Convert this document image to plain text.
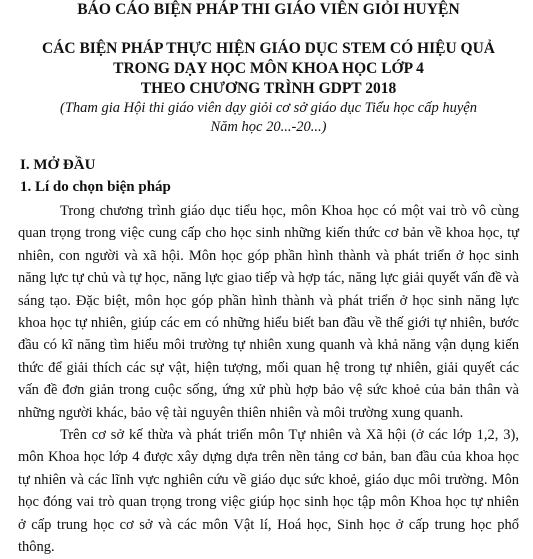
BÁO CÁO BIỆN PHÁP THI GIÁO VIÊN GIỎI HUYỆN
CÁC BIỆN PHÁP THỰC HIỆN GIÁO DỤC STEM CÓ HIỆU QUẢ
TRONG DẠY HỌC MÔN KHOA HỌC LỚP 4
THEO CHƯƠNG TRÌNH GDPT 2018
(Tham gia Hội thi giáo viên dạy giỏi cơ sở giáo dục Tiểu học cấp huyện
Năm học 20...-20...)
I. MỞ ĐẦU
1. Lí do chọn biện pháp

Trong chương trình giáo dục tiểu học, môn Khoa học có một vai trò vô cùng quan trọng trong việc cung cấp cho học sinh những kiến thức cơ bản về khoa học, tự nhiên, con người và xã hội. Môn học góp phần hình thành và phát triển ở học sinh năng lực tự chủ và tự học, năng lực giao tiếp và hợp tác, năng lực giải quyết vấn đề và sáng tạo. Đặc biệt, môn học góp phần hình thành và phát triển ở học sinh năng lực khoa học tự nhiên, giúp các em có những hiểu biết ban đầu về thế giới tự nhiên, bước đầu có kĩ năng tìm hiểu môi trường tự nhiên xung quanh và khả năng vận dụng kiến thức để giải thích các sự vật, hiện tượng, mối quan hệ trong tự nhiên, giải quyết các vấn đề đơn giản trong cuộc sống, ứng xử phù hợp bảo vệ sức khoẻ của bản thân và những người khác, bảo vệ tài nguyên thiên nhiên và môi trường xung quanh.

Trên cơ sở kế thừa và phát triển môn Tự nhiên và Xã hội (ở các lớp 1,2, 3), môn Khoa học lớp 4 được xây dựng dựa trên nền tảng cơ bản, ban đầu của khoa học tự nhiên và các lĩnh vực nghiên cứu về giáo dục sức khoẻ, giáo dục môi trường. Môn học đóng vai trò quan trọng trong việc giúp học sinh học tập môn Khoa học tự nhiên ở cấp trung học cơ sở và các môn Vật lí, Hoá học, Sinh học ở cấp trung học phổ thông.
